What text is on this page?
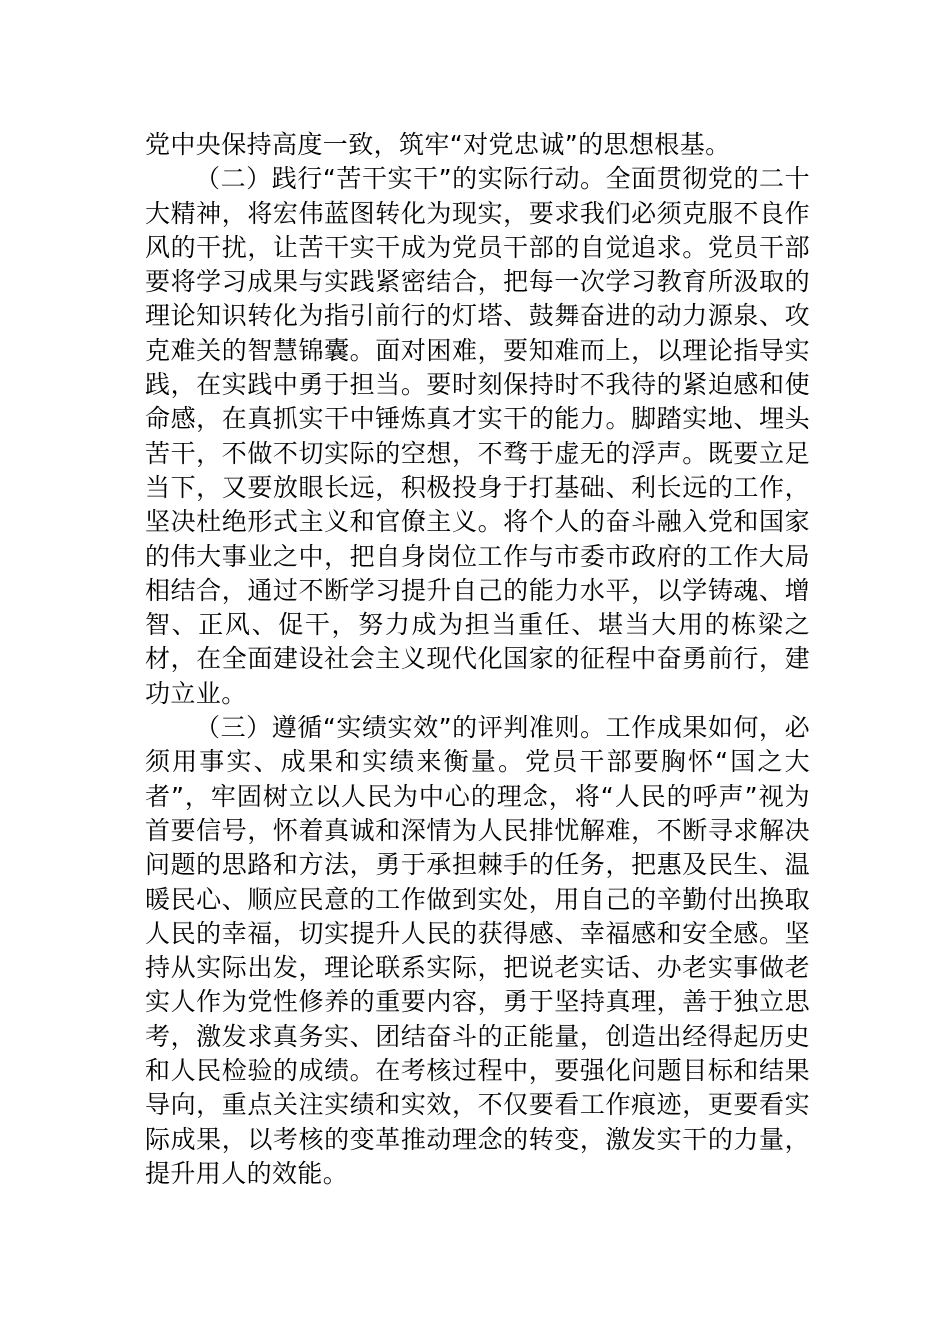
党中央保持高度一致，筑牢“对党忠诚”的思想根基。

（二）践行“苦干实干”的实际行动。全面贯彻党的二十大精神，将宏伟蓝图转化为现实，要求我们必须克服不良作风的干扰，让苦干实干成为党员干部的自觉追求。党员干部要将学习成果与实践紧密结合，把每一次学习教育所汲取的理论知识转化为指引前行的灯塔、鼓舞奋进的动力源泉、攻克难关的智慧锦囊。面对困难，要知难而上，以理论指导实践，在实践中勇于担当。要时刻保持时不我待的紧迫感和使命感，在真抓实干中锤炼真才实干的能力。脚踏实地、埋头苦干，不做不切实际的空想，不骛于虚无的浮声。既要立足当下，又要放眼长远，积极投身于打基础、利长远的工作，坚决杜绝形式主义和官僚主义。将个人的奋斗融入党和国家的伟大事业之中，把自身岗位工作与市委市政府的工作大局相结合，通过不断学习提升自己的能力水平，以学铸魂、增智、正风、促干，努力成为担当重任、堪当大用的栋梁之材，在全面建设社会主义现代化国家的征程中奋勇前行，建功立业。

（三）遵循“实绩实效”的评判准则。工作成果如何，必须用事实、成果和实绩来衡量。党员干部要胸怀“国之大者”，牢固树立以人民为中心的理念，将“人民的呼声”视为首要信号，怀着真诚和深情为人民排忧解难，不断寻求解决问题的思路和方法，勇于承担棘手的任务，把惠及民生、温暖民心、顺应民意的工作做到实处，用自己的辛勤付出换取人民的幸福，切实提升人民的获得感、幸福感和安全感。坚持从实际出发，理论联系实际，把说老实话、办老实事做老实人作为党性修养的重要内容，勇于坚持真理，善于独立思考，激发求真务实、团结奋斗的正能量，创造出经得起历史和人民检验的成绩。在考核过程中，要强化问题目标和结果导向，重点关注实绩和实效，不仅要看工作痕迹，更要看实际成果，以考核的变革推动理念的转变，激发实干的力量，提升用人的效能。
